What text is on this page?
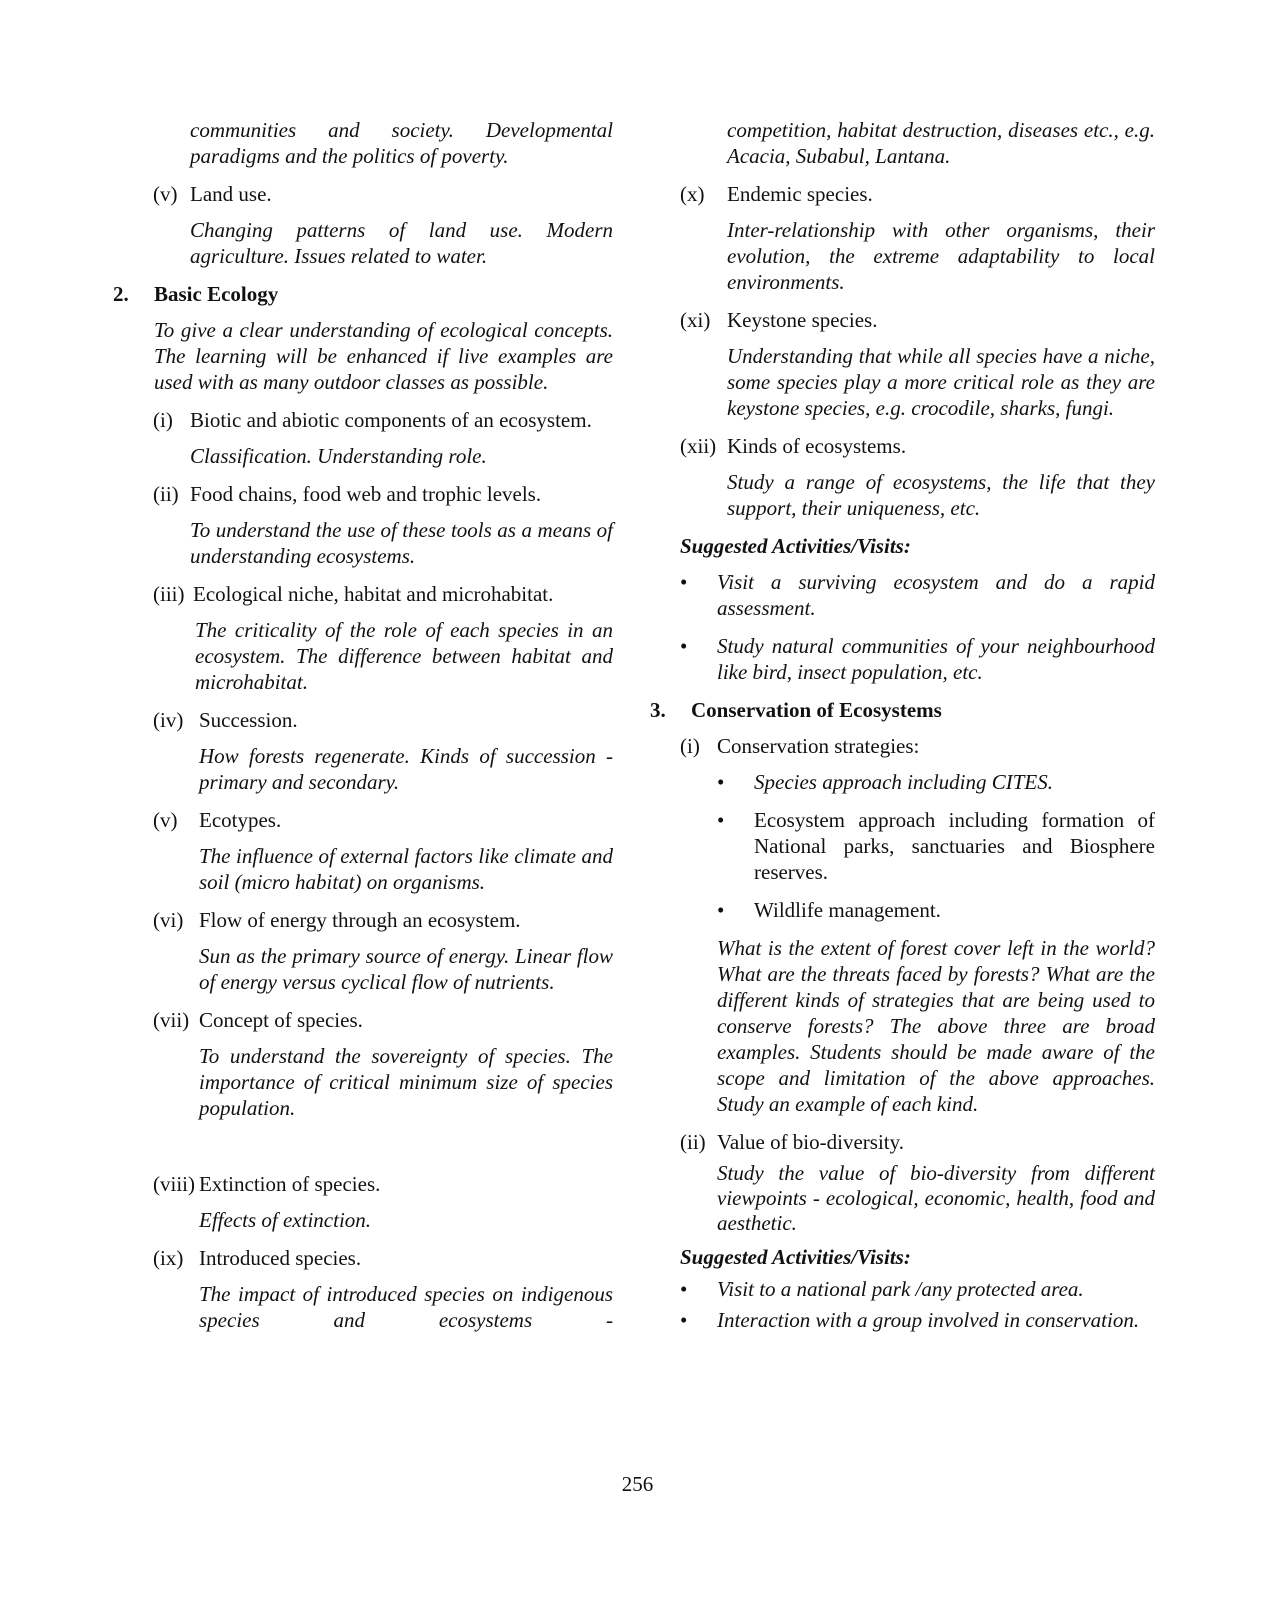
communities and society. Developmental paradigms and the politics of poverty.

(v) Land use.

Changing patterns of land use. Modern agriculture. Issues related to water.

2.	Basic Ecology

To give a clear understanding of ecological concepts. The learning will be enhanced if live examples are used with as many outdoor classes as possible.

(i) Biotic and abiotic components of an ecosystem.

Classification. Understanding role.

(ii) Food chains, food web and trophic levels.

To understand the use of these tools as a means of understanding ecosystems.

(iii) Ecological niche, habitat and microhabitat.

The criticality of the role of each species in an ecosystem. The difference between habitat and microhabitat.

(iv) Succession.

How forests regenerate. Kinds of succession - primary and secondary.

(v)	Ecotypes.

The influence of external factors like climate and soil (micro habitat) on organisms.

(vi) Flow of energy through an ecosystem.

Sun as the primary source of energy. Linear flow of energy versus cyclical flow of nutrients.

(vii) Concept of species.

To understand the sovereignty of species. The importance of critical minimum size of species population.

(viii) Extinction of species.

Effects of extinction.

(ix) Introduced species.

The impact of introduced species on indigenous species and ecosystems -

competition, habitat destruction, diseases etc., e.g. Acacia, Subabul, Lantana.

(x)	Endemic species.

Inter-relationship with other organisms, their evolution, the extreme adaptability to local environments.

(xi) Keystone species.

Understanding that while all species have a niche, some species play a more critical role as they are keystone species, e.g. crocodile, sharks, fungi.

(xii) Kinds of ecosystems.

Study a range of ecosystems, the life that they support, their uniqueness, etc.

Suggested Activities/Visits:
•	Visit a surviving ecosystem and do a rapid assessment.
•	Study natural communities of your neighbourhood like bird, insect population, etc.
3.	Conservation of Ecosystems
(i) Conservation strategies:
•	Species approach including CITES.
•	Ecosystem approach including formation of National parks, sanctuaries and Biosphere reserves.
•	Wildlife management.

What is the extent of forest cover left in the world? What are the threats faced by forests? What are the different kinds of strategies that are being used to conserve forests? The above three are broad examples. Students should be made aware of the scope and limitation of the above approaches. Study an example of each kind.

(ii) Value of bio-diversity.

Study the value of bio-diversity from different viewpoints - ecological, economic, health, food and aesthetic.

Suggested Activities/Visits:
•	Visit to a national park /any protected area.
•	Interaction with a group involved in conservation.
256
